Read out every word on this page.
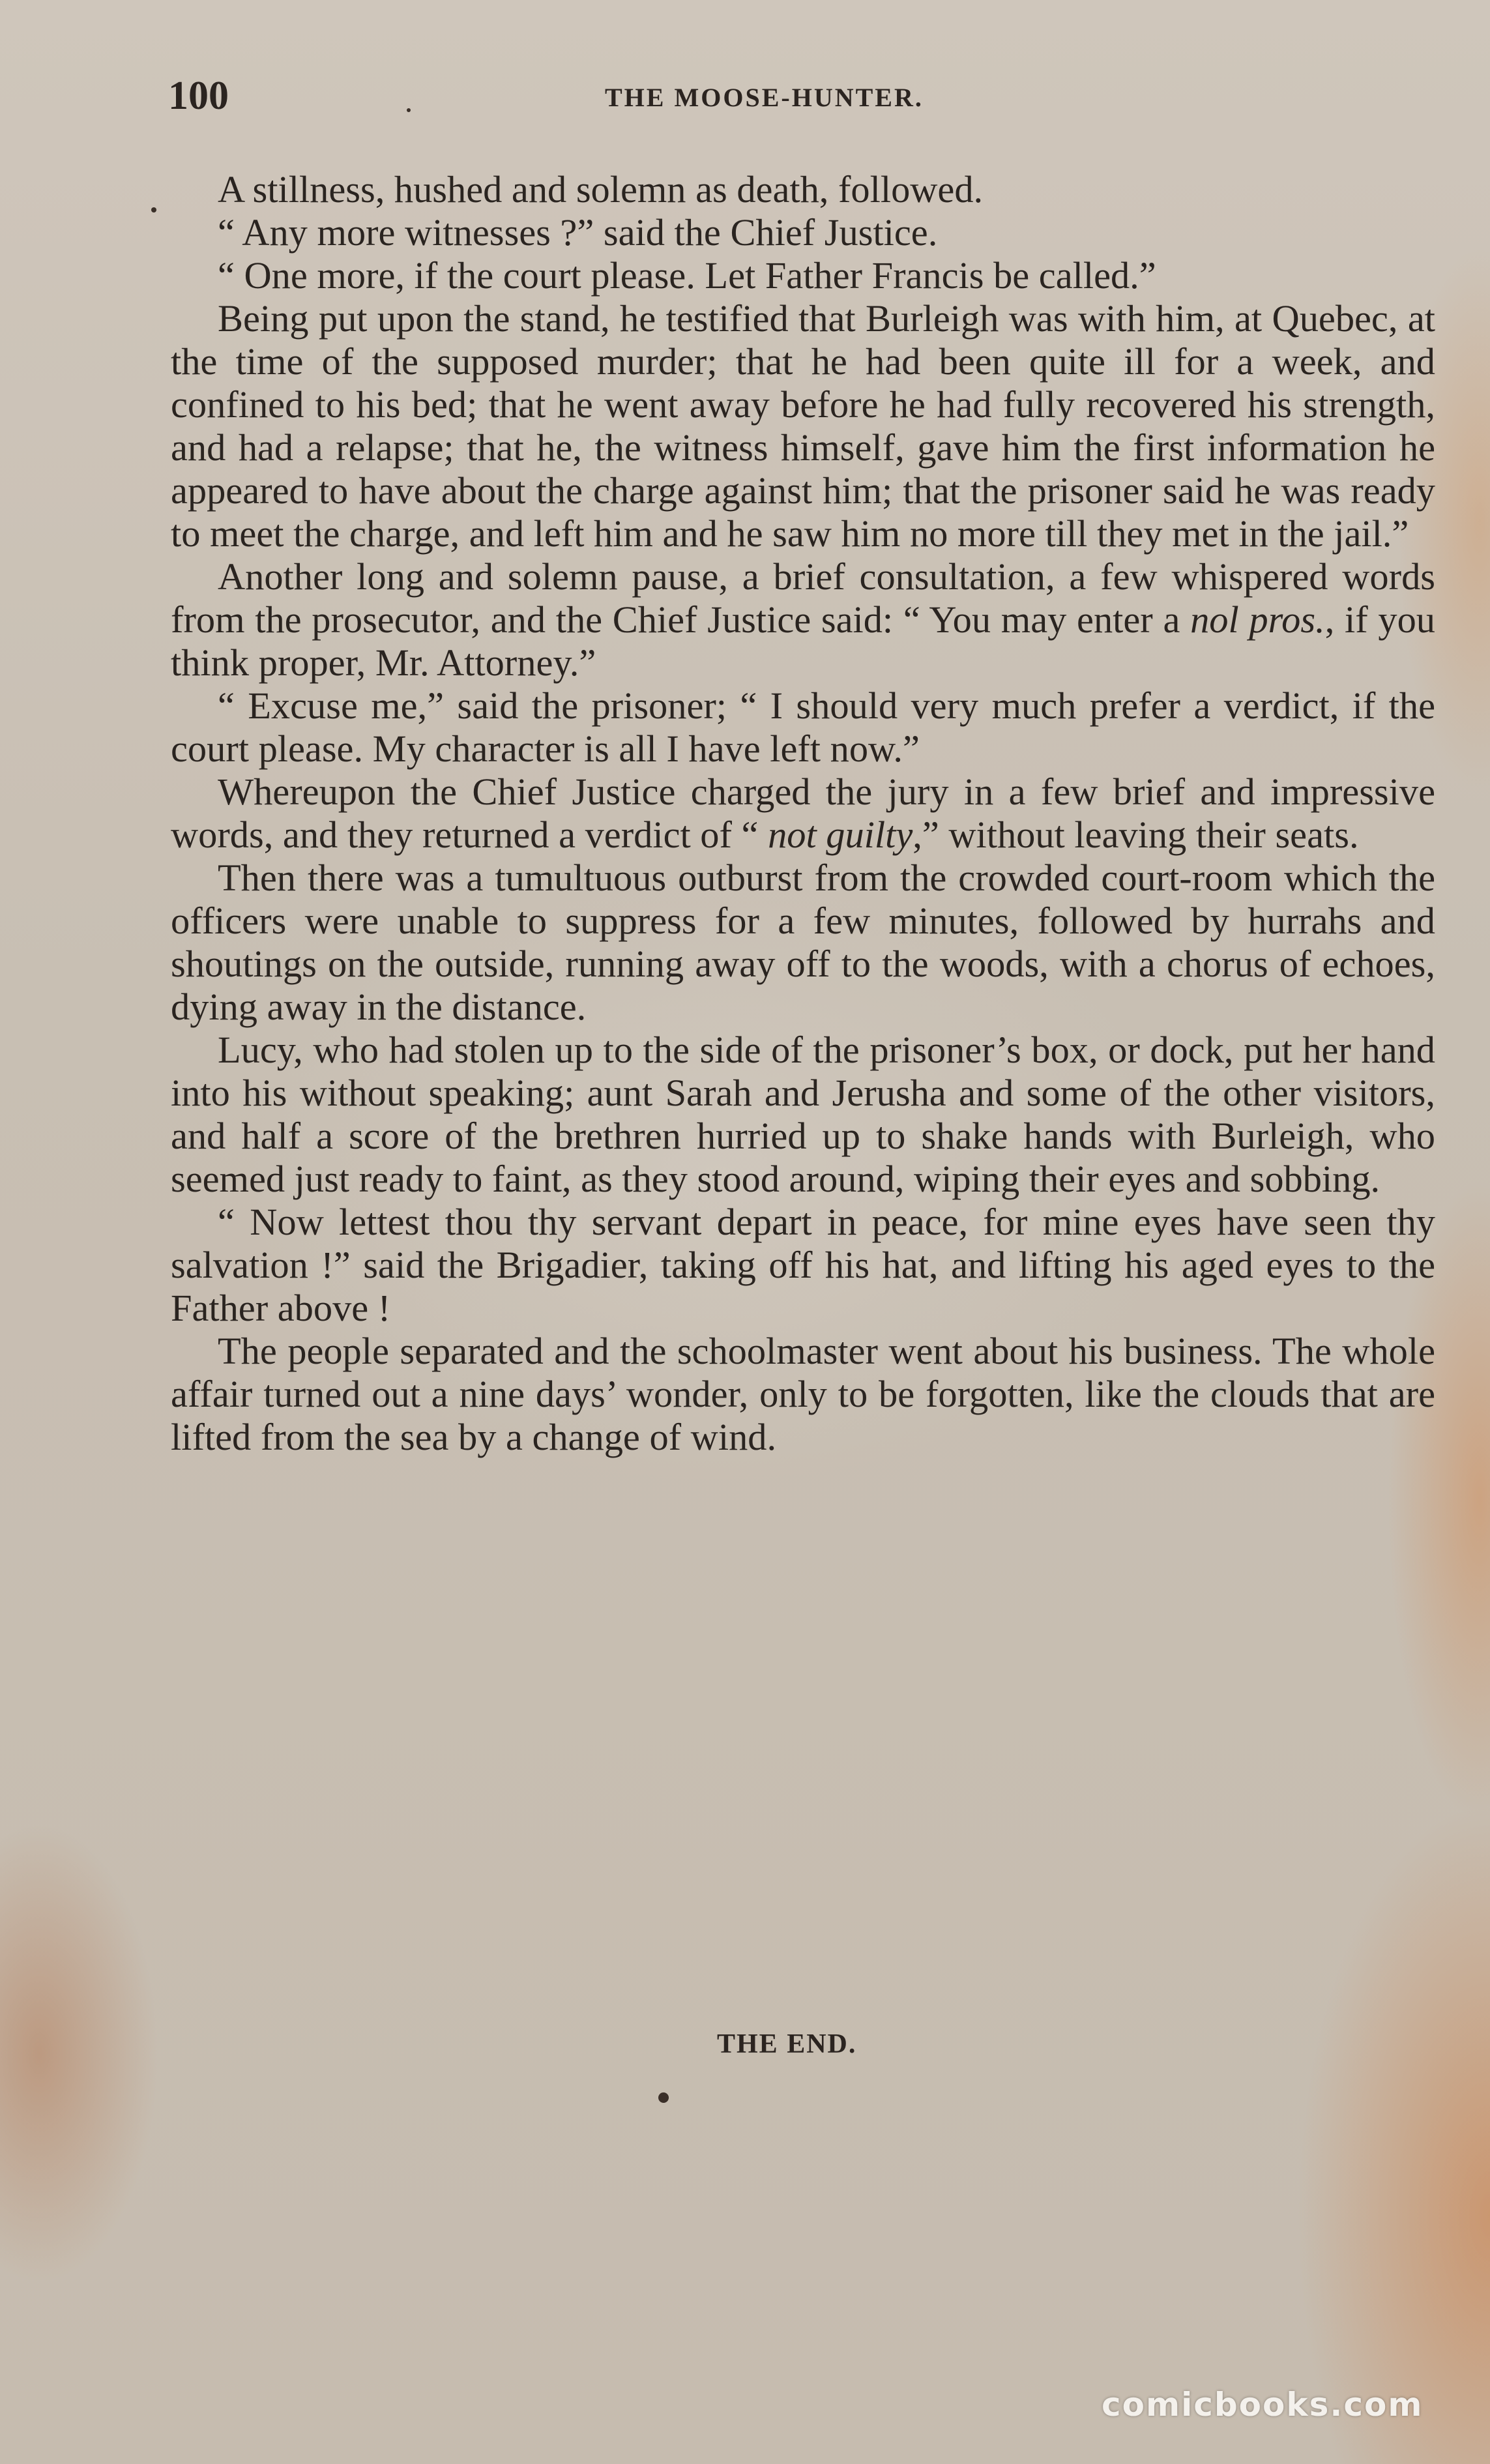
100	THE MOOSE-HUNTER.

A stillness, hushed and solemn as death, followed.

“ Any more witnesses ?” said the Chief Justice.

“ One more, if the court please. Let Father Francis be called.”

Being put upon the stand, he testified that Burleigh was with him, at Quebec, at the time of the supposed murder; that he had been quite ill for a week, and confined to his bed; that he went away before he had fully recovered his strength, and had a relapse; that he, the witness himself, gave him the first information he appeared to have about the charge against him; that the prisoner said he was ready to meet the charge, and left him and he saw him no more till they met in the jail.”

Another long and solemn pause, a brief consultation, a few whispered words from the prosecutor, and the Chief Justice said: “ You may enter a nol pros., if you think proper, Mr. Attorney.”

“ Excuse me,” said the prisoner; “ I should very much prefer a verdict, if the court please. My character is all I have left now.”

Whereupon the Chief Justice charged the jury in a few brief and impressive words, and they returned a verdict of “ not guilty,” without leaving their seats.

Then there was a tumultuous outburst from the crowded court-room which the officers were unable to suppress for a few minutes, followed by hurrahs and shoutings on the outside, running away off to the woods, with a chorus of echoes, dying away in the distance.

Lucy, who had stolen up to the side of the prisoner’s box, or dock, put her hand into his without speaking; aunt Sarah and Jerusha and some of the other visitors, and half a score of the brethren hurried up to shake hands with Burleigh, who seemed just ready to faint, as they stood around, wiping their eyes and sobbing.

“ Now lettest thou thy servant depart in peace, for mine eyes have seen thy salvation !” said the Brigadier, taking off his hat, and lifting his aged eyes to the Father above !

The people separated and the schoolmaster went about his business. The whole affair turned out a nine days’ wonder, only to be forgotten, like the clouds that are lifted from the sea by a change of wind.

THE END.
comicbooks.com
